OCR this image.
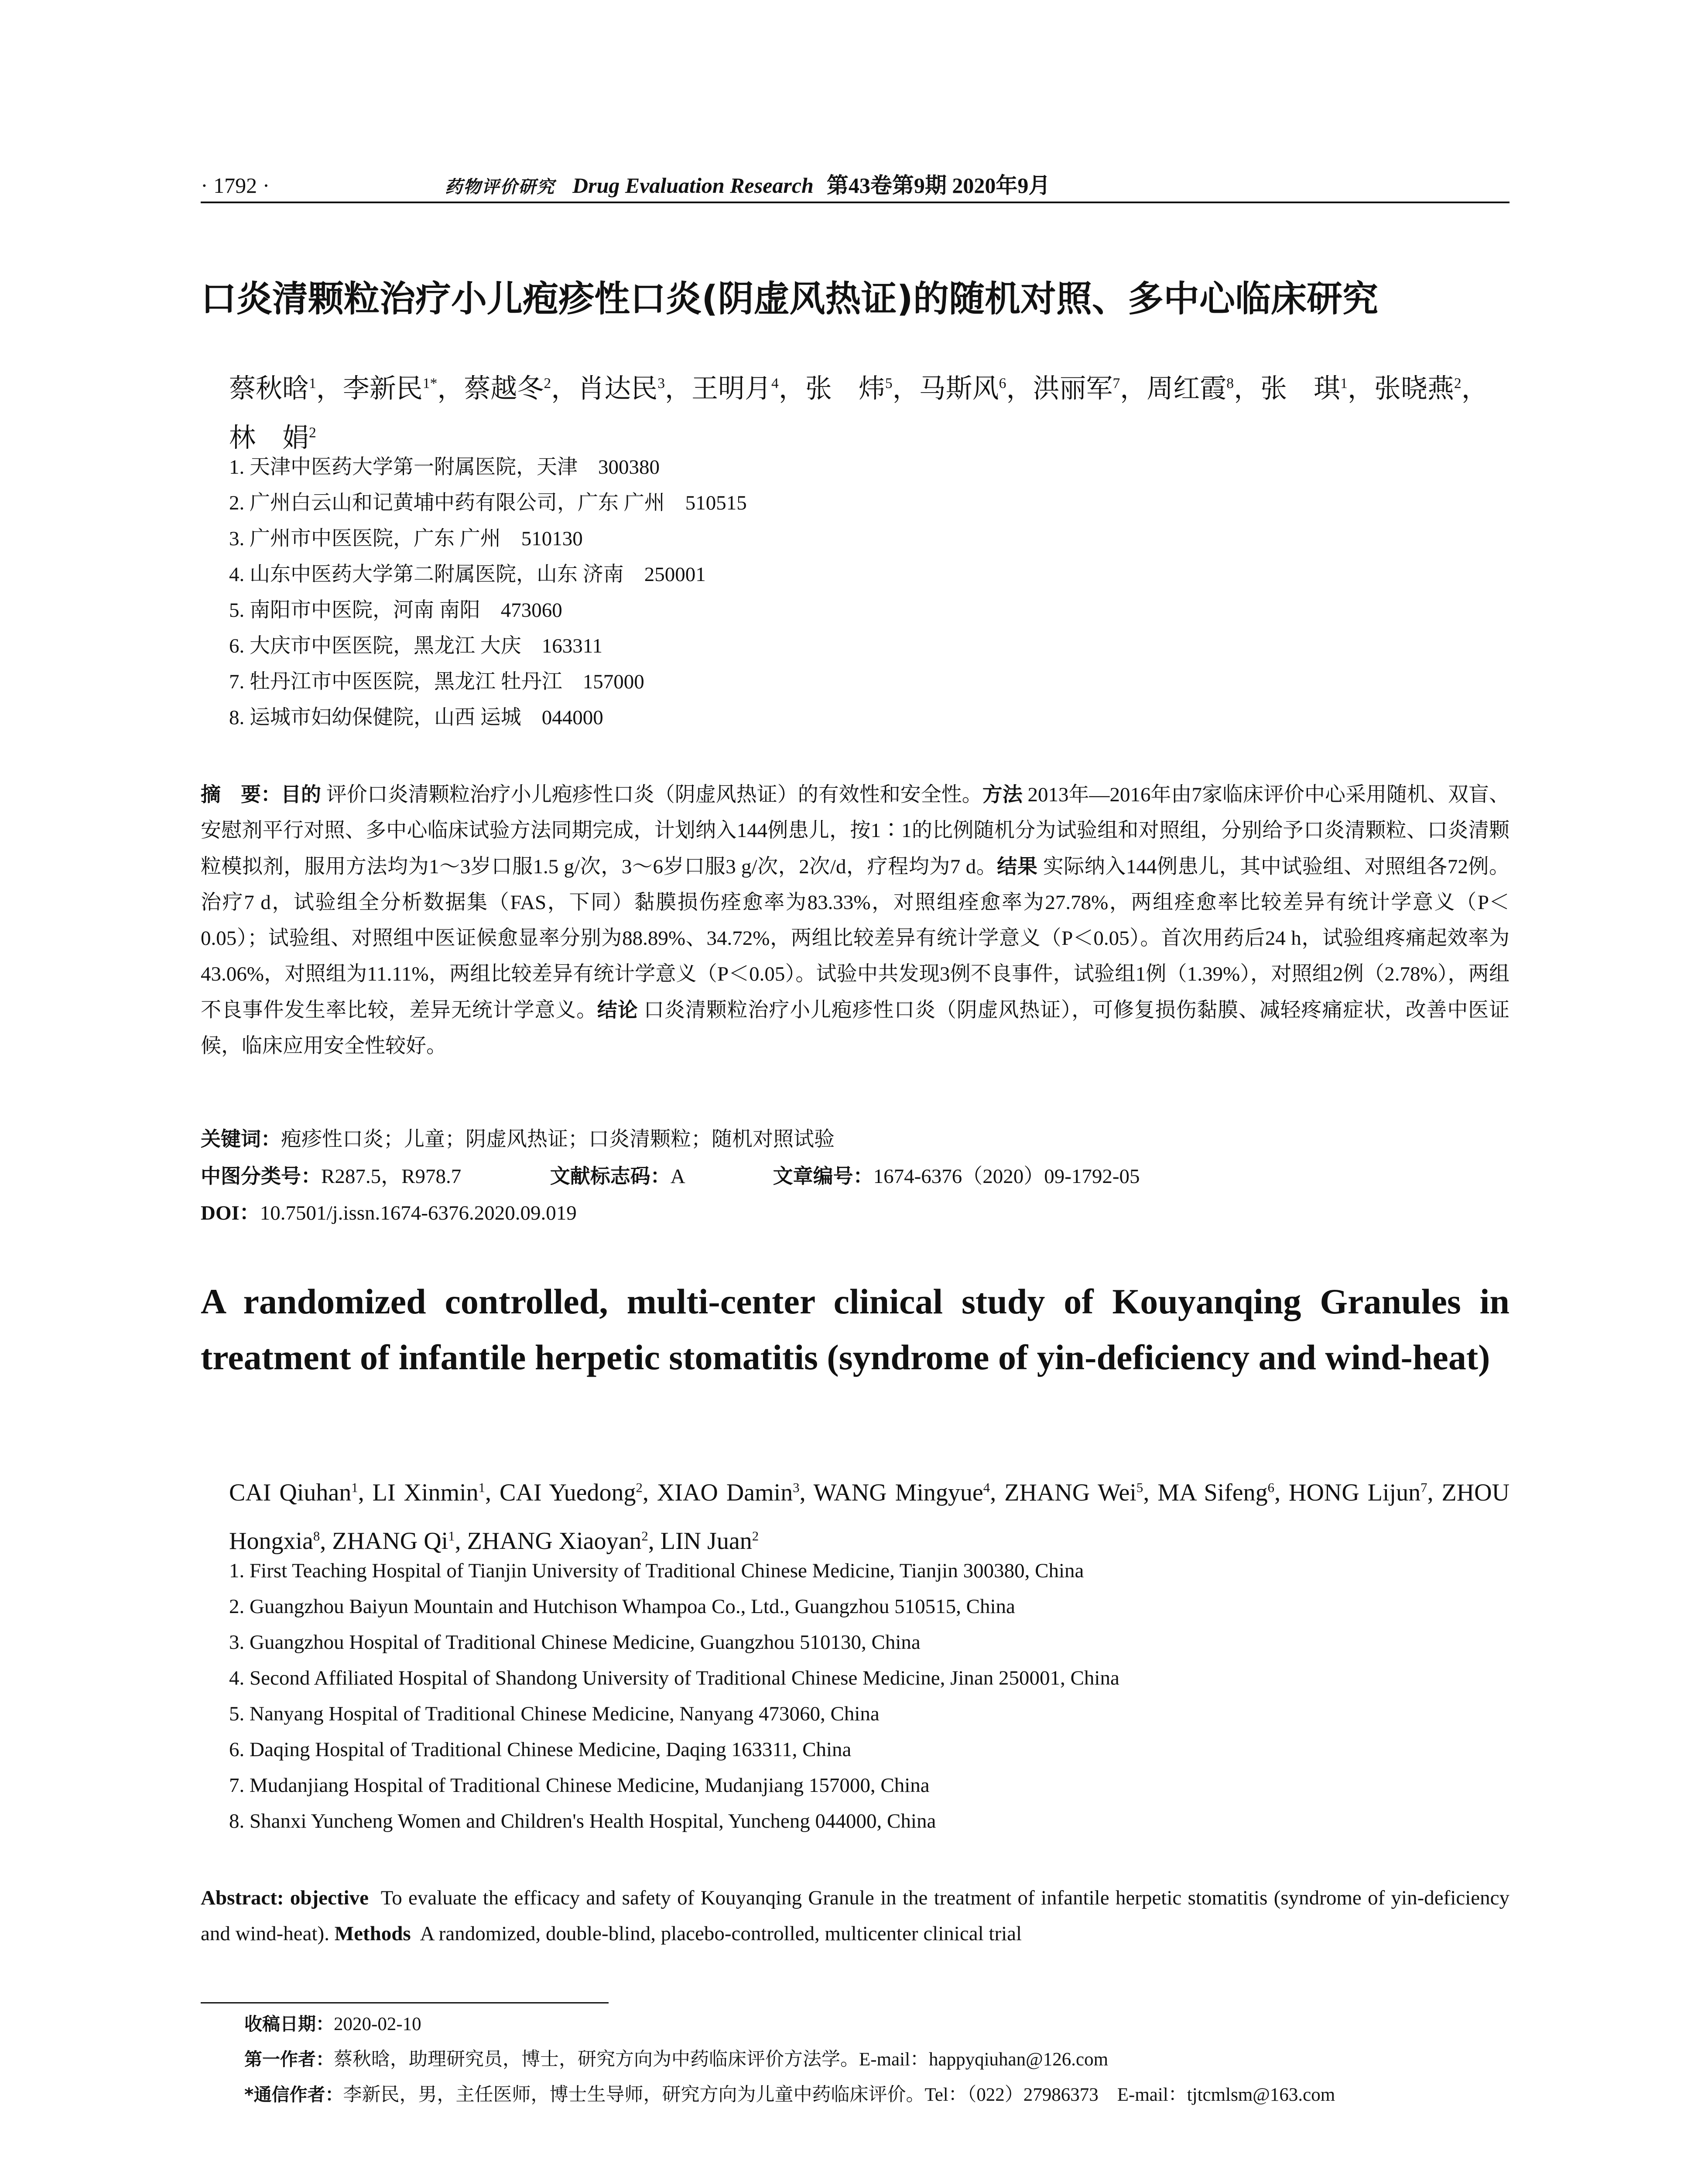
· 1792 ·	药物评价研究 Drug Evaluation Research 第43卷第9期 2020年9月
口炎清颗粒治疗小儿疱疹性口炎(阴虚风热证)的随机对照、多中心临床研究
蔡秋晗$^1$，李新民$^{1*}$，蔡越冬$^2$，肖达民$^3$，王明月$^4$，张　炜$^5$，马斯风$^6$，洪丽军$^7$，周红霞$^8$，张　琪$^1$，张晓燕$^2$，林　娟$^2$
1. 天津中医药大学第一附属医院，天津　300380
2. 广州白云山和记黄埔中药有限公司，广东 广州　510515
3. 广州市中医医院，广东 广州　510130
4. 山东中医药大学第二附属医院，山东 济南　250001
5. 南阳市中医院，河南 南阳　473060
6. 大庆市中医医院，黑龙江 大庆　163311
7. 牡丹江市中医医院，黑龙江 牡丹江　157000
8. 运城市妇幼保健院，山西 运城　044000
摘　要：目的 评价口炎清颗粒治疗小儿疱疹性口炎（阴虚风热证）的有效性和安全性。方法 2013年—2016年由7家临床评价中心采用随机、双盲、安慰剂平行对照、多中心临床试验方法同期完成，计划纳入144例患儿，按1∶1的比例随机分为试验组和对照组，分别给予口炎清颗粒、口炎清颗粒模拟剂，服用方法均为1～3岁口服1.5 g/次，3～6岁口服3 g/次，2次/d，疗程均为7 d。结果 实际纳入144例患儿，其中试验组、对照组各72例。治疗7 d，试验组全分析数据集（FAS，下同）黏膜损伤痊愈率为83.33%，对照组痊愈率为27.78%，两组痊愈率比较差异有统计学意义（P＜0.05）；试验组、对照组中医证候愈显率分别为88.89%、34.72%，两组比较差异有统计学意义（P＜0.05）。首次用药后24 h，试验组疼痛起效率为43.06%，对照组为11.11%，两组比较差异有统计学意义（P＜0.05）。试验中共发现3例不良事件，试验组1例（1.39%），对照组2例（2.78%），两组不良事件发生率比较，差异无统计学意义。结论 口炎清颗粒治疗小儿疱疹性口炎（阴虚风热证），可修复损伤黏膜、减轻疼痛症状，改善中医证候，临床应用安全性较好。
关键词：疱疹性口炎；儿童；阴虚风热证；口炎清颗粒；随机对照试验
中图分类号：R287.5，R978.7	文献标志码：A	文章编号：1674-6376（2020）09-1792-05
DOI：10.7501/j.issn.1674-6376.2020.09.019
A randomized controlled, multi-center clinical study of Kouyanqing Granules in treatment of infantile herpetic stomatitis (syndrome of yin-deficiency and wind-heat)
CAI Qiuhan$^1$, LI Xinmin$^1$, CAI Yuedong$^2$, XIAO Damin$^3$, WANG Mingyue$^4$, ZHANG Wei$^5$, MA Sifeng$^6$, HONG Lijun$^7$, ZHOU Hongxia$^8$, ZHANG Qi$^1$, ZHANG Xiaoyan$^2$, LIN Juan$^2$
1. First Teaching Hospital of Tianjin University of Traditional Chinese Medicine, Tianjin 300380, China
2. Guangzhou Baiyun Mountain and Hutchison Whampoa Co., Ltd., Guangzhou 510515, China
3. Guangzhou Hospital of Traditional Chinese Medicine, Guangzhou 510130, China
4. Second Affiliated Hospital of Shandong University of Traditional Chinese Medicine, Jinan 250001, China
5. Nanyang Hospital of Traditional Chinese Medicine, Nanyang 473060, China
6. Daqing Hospital of Traditional Chinese Medicine, Daqing 163311, China
7. Mudanjiang Hospital of Traditional Chinese Medicine, Mudanjiang 157000, China
8. Shanxi Yuncheng Women and Children's Health Hospital, Yuncheng 044000, China
Abstract: objective To evaluate the efficacy and safety of Kouyanqing Granule in the treatment of infantile herpetic stomatitis (syndrome of yin-deficiency and wind-heat). Methods A randomized, double-blind, placebo-controlled, multicenter clinical trial
收稿日期：2020-02-10
第一作者：蔡秋晗，助理研究员，博士，研究方向为中药临床评价方法学。E-mail：happyqiuhan@126.com
*通信作者：李新民，男，主任医师，博士生导师，研究方向为儿童中药临床评价。Tel：（022）27986373　E-mail：tjtcmlsm@163.com
